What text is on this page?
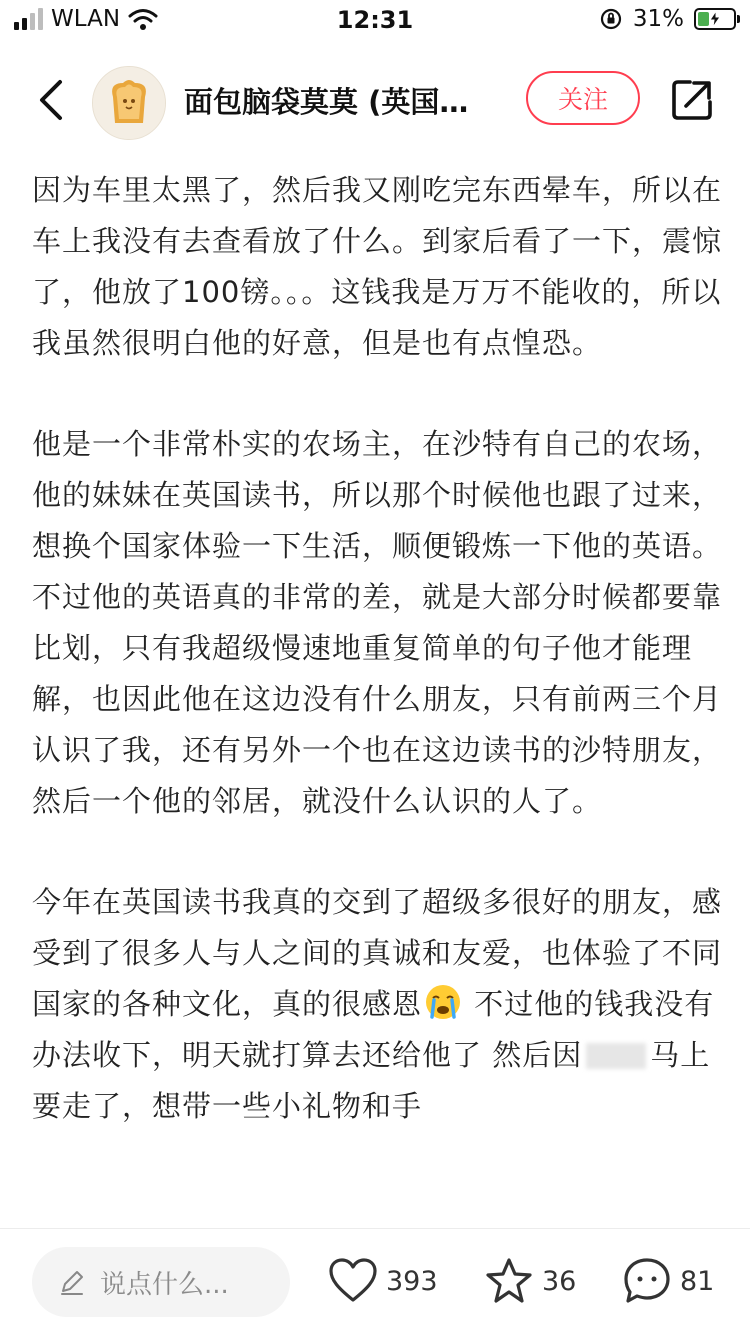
WLAN	12:31	31%
面包脑袋莫莫 (英国…	关注

因为车里太黑了，然后我又刚吃完东西晕车，所以在车上我没有去查看放了什么。到家后看了一下，震惊了，他放了100镑。。。这钱我是万万不能收的，所以我虽然很明白他的好意，但是也有点惶恐。

他是一个非常朴实的农场主，在沙特有自己的农场，他的妹妹在英国读书，所以那个时候他也跟了过来，想换个国家体验一下生活，顺便锻炼一下他的英语。不过他的英语真的非常的差，就是大部分时候都要靠比划，只有我超级慢速地重复简单的句子他才能理解，也因此他在这边没有什么朋友，只有前两三个月认识了我，还有另外一个也在这边读书的沙特朋友，然后一个他的邻居，就没什么认识的人了。

今年在英国读书我真的交到了超级多很好的朋友，感受到了很多人与人之间的真诚和友爱，也体验了不同国家的各种文化，真的很感恩 不过他的钱我没有办法收下，明天就打算去还给他了 然后因 马上要走了，想带一些小礼物和手

说点什么...	393	36	81
